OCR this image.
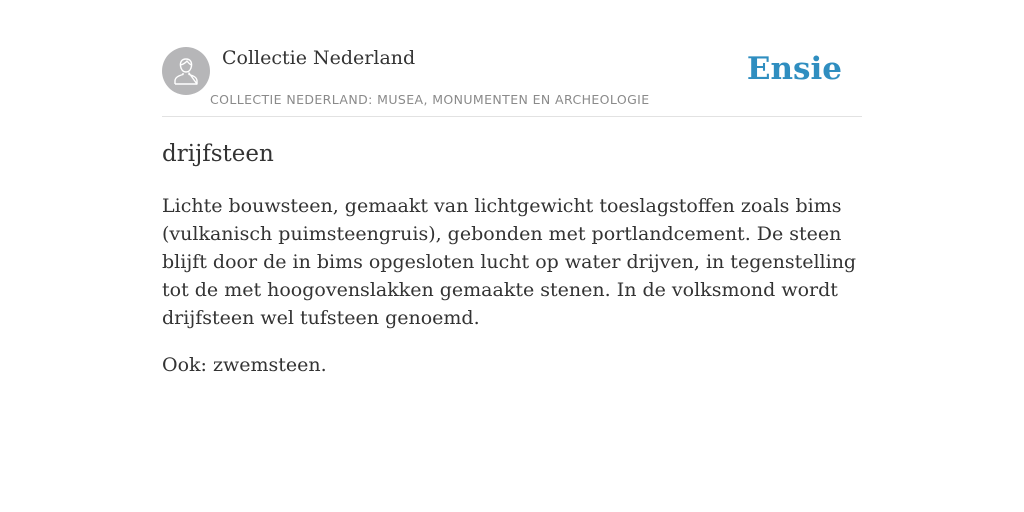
Collectie Nederland
COLLECTIE NEDERLAND: MUSEA, MONUMENTEN EN ARCHEOLOGIE
Ensie
drijfsteen

Lichte bouwsteen, gemaakt van lichtgewicht toeslagstoffen zoals bims (vulkanisch puimsteengruis), gebonden met portlandcement. De steen blijft door de in bims opgesloten lucht op water drijven, in tegenstelling tot de met hoogovenslakken gemaakte stenen. In de volksmond wordt drijfsteen wel tufsteen genoemd.

Ook: zwemsteen.
